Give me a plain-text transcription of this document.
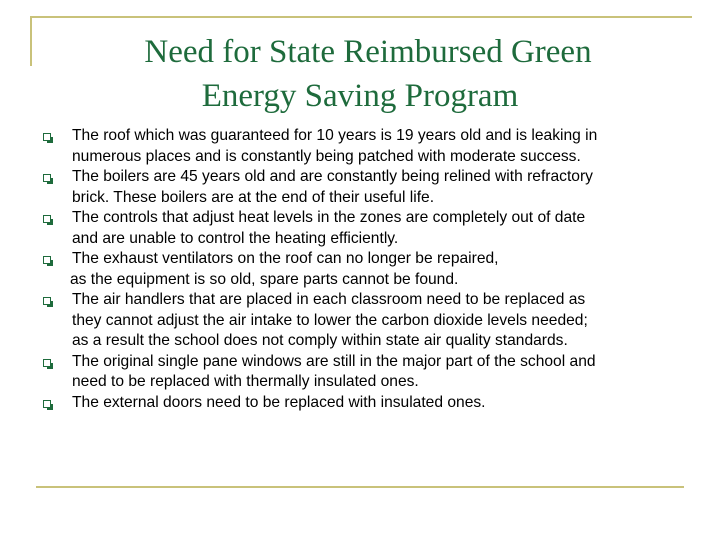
Need for State Reimbursed Green
Energy Saving Program
The roof which was guaranteed for 10 years is 19 years old and is leaking in
numerous places and is constantly being patched with moderate success.
The boilers are 45 years old and are constantly being relined with refractory
brick. These boilers are at the end of their useful life.
The controls that adjust heat levels in the zones are completely out of date
and are unable to control the heating efficiently.
The exhaust ventilators on the roof can no longer be repaired,
as the equipment is so old, spare parts cannot be found.
The air handlers that are placed in each classroom need to be replaced as
they cannot adjust the air intake to lower the carbon dioxide levels needed;
as a result the school does not comply within state air quality standards.
The original single pane windows are still in the major part of the school and
need to be replaced with thermally insulated ones.
The external doors need to be replaced with insulated ones.
